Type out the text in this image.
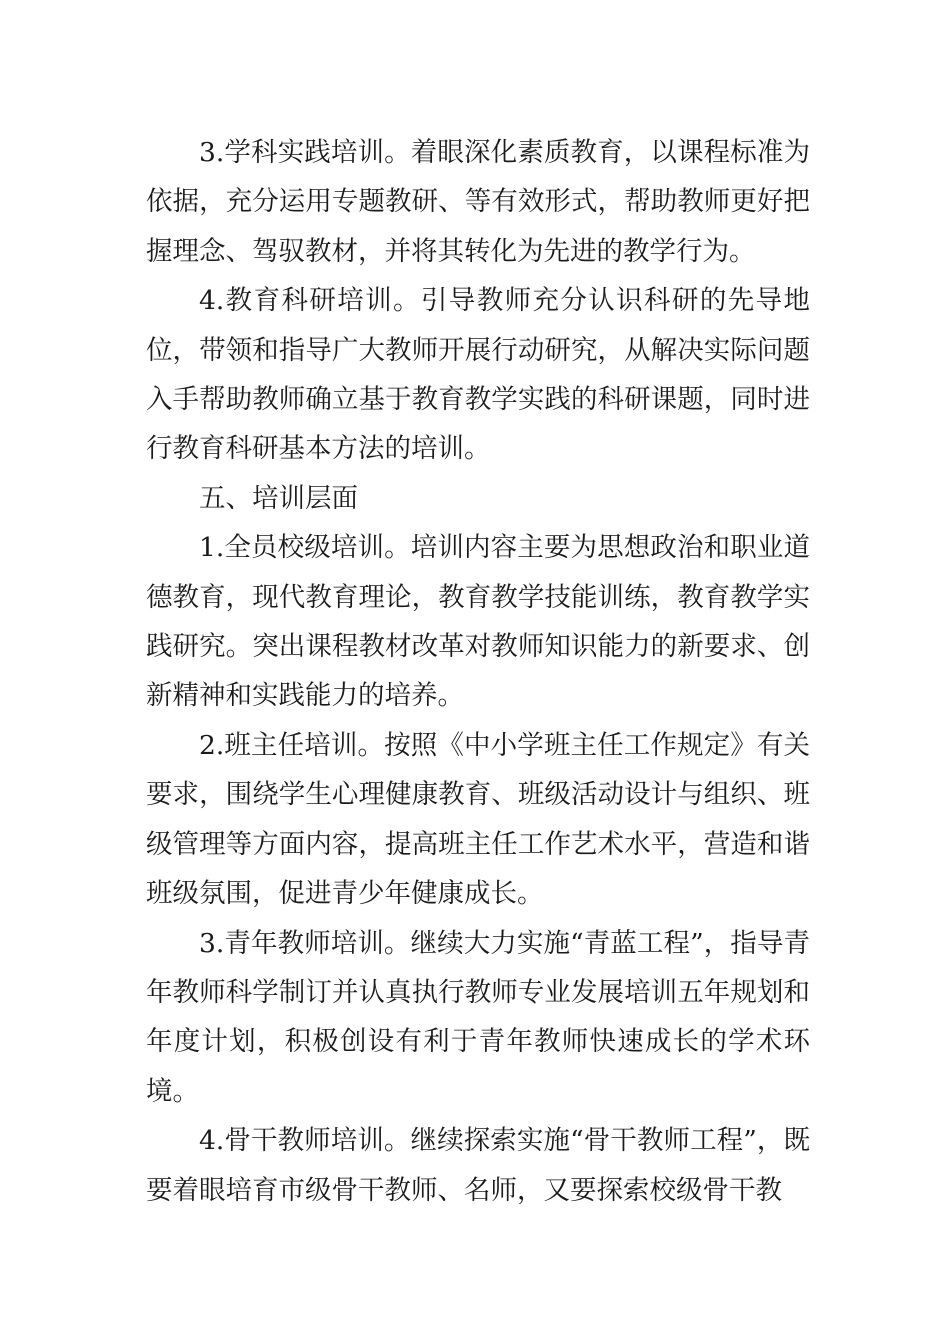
3.学科实践培训。着眼深化素质教育，以课程标准为依据，充分运用专题教研、等有效形式，帮助教师更好把握理念、驾驭教材，并将其转化为先进的教学行为。

4.教育科研培训。引导教师充分认识科研的先导地位，带领和指导广大教师开展行动研究，从解决实际问题入手帮助教师确立基于教育教学实践的科研课题，同时进行教育科研基本方法的培训。

五、培训层面

1.全员校级培训。培训内容主要为思想政治和职业道德教育，现代教育理论，教育教学技能训练，教育教学实践研究。突出课程教材改革对教师知识能力的新要求、创新精神和实践能力的培养。

2.班主任培训。按照《中小学班主任工作规定》有关要求，围绕学生心理健康教育、班级活动设计与组织、班级管理等方面内容，提高班主任工作艺术水平，营造和谐班级氛围，促进青少年健康成长。

3.青年教师培训。继续大力实施“青蓝工程”，指导青年教师科学制订并认真执行教师专业发展培训五年规划和年度计划，积极创设有利于青年教师快速成长的学术环境。

4.骨干教师培训。继续探索实施“骨干教师工程”，既要着眼培育市级骨干教师、名师，又要探索校级骨干教
